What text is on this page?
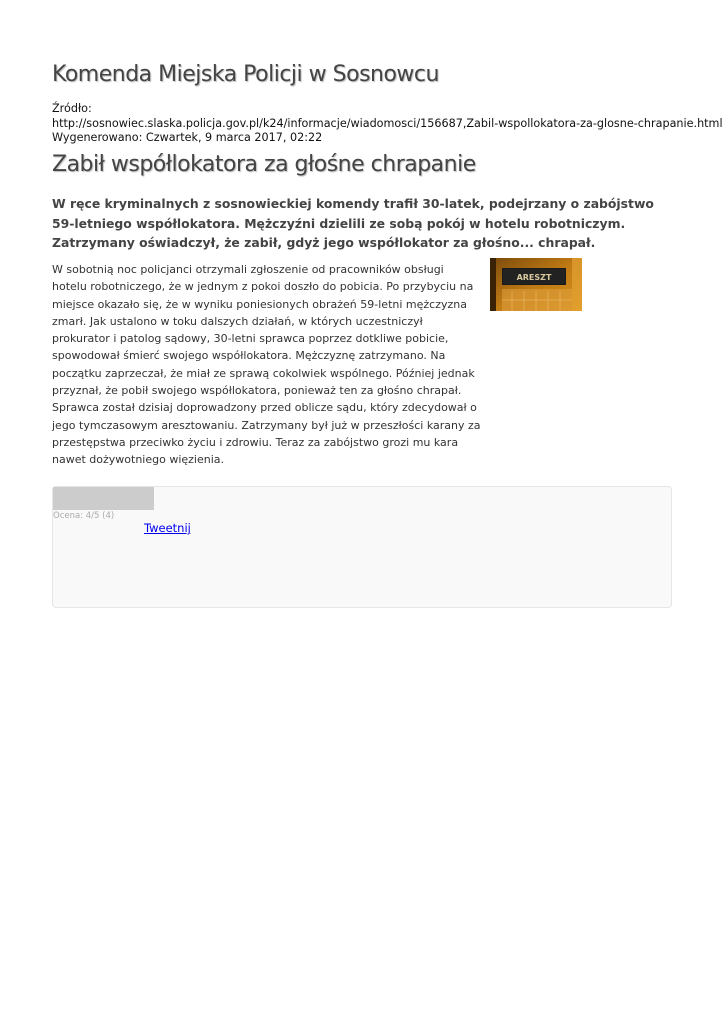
Komenda Miejska Policji w Sosnowcu
Źródło:
http://sosnowiec.slaska.policja.gov.pl/k24/informacje/wiadomosci/156687,Zabil-wspollokatora-za-glosne-chrapanie.html
Wygenerowano: Czwartek, 9 marca 2017, 02:22
Zabił współlokatora za głośne chrapanie

W ręce kryminalnych z sosnowieckiej komendy trafił 30-latek, podejrzany o zabójstwo 59-letniego współlokatora. Mężczyźni dzielili ze sobą pokój w hotelu robotniczym. Zatrzymany oświadczył, że zabił, gdyż jego współlokator za głośno... chrapał.

W sobotnią noc policjanci otrzymali zgłoszenie od pracowników obsługi hotelu robotniczego, że w jednym z pokoi doszło do pobicia. Po przybyciu na miejsce okazało się, że w wyniku poniesionych obrażeń 59-letni mężczyzna zmarł. Jak ustalono w toku dalszych działań, w których uczestniczył prokurator i patolog sądowy, 30-letni sprawca poprzez dotkliwe pobicie, spowodował śmierć swojego współlokatora. Mężczyznę zatrzymano. Na początku zaprzeczał, że miał ze sprawą cokolwiek wspólnego. Później jednak przyznał, że pobił swojego współlokatora, ponieważ ten za głośno chrapał. Sprawca został dzisiaj doprowadzony przed oblicze sądu, który zdecydował o jego tymczasowym aresztowaniu. Zatrzymany był już w przeszłości karany za przestępstwa przeciwko życiu i zdrowiu. Teraz za zabójstwo grozi mu kara nawet dożywotniego więzienia.

ARESZT
Ocena: 4/5 (4)
Tweetnij
